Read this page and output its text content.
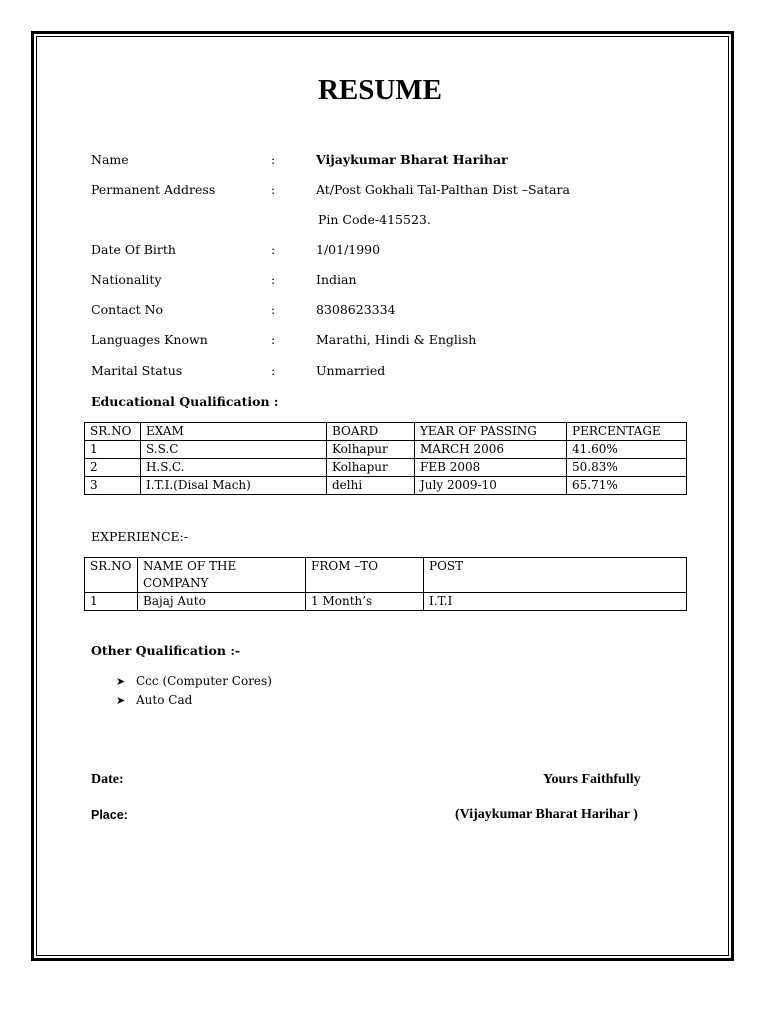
RESUME
Name	:	Vijaykumar Bharat Harihar
Permanent Address	:	At/Post Gokhali Tal-Palthan Dist –Satara
Pin Code-415523.
Date Of Birth	:	1/01/1990
Nationality	:	Indian
Contact No	:	8308623334
Languages Known	:	Marathi, Hindi & English
Marital Status	:	Unmarried
Educational Qualification :
SR.NO	EXAM	BOARD	YEAR OF PASSING	PERCENTAGE
1	S.S.C	Kolhapur	MARCH 2006	41.60%
2	H.S.C.	Kolhapur	FEB 2008	50.83%
3	I.T.I.(Disal Mach)	delhi	July 2009-10	65.71%
EXPERIENCE:-
SR.NO	NAME OF THE COMPANY	FROM –TO	POST
1	Bajaj Auto	1 Month’s	I.T.I
Other Qualification :-
➤ Ccc (Computer Cores)
➤ Auto Cad
Date:	Yours Faithfully
Place:	(Vijaykumar Bharat Harihar )
